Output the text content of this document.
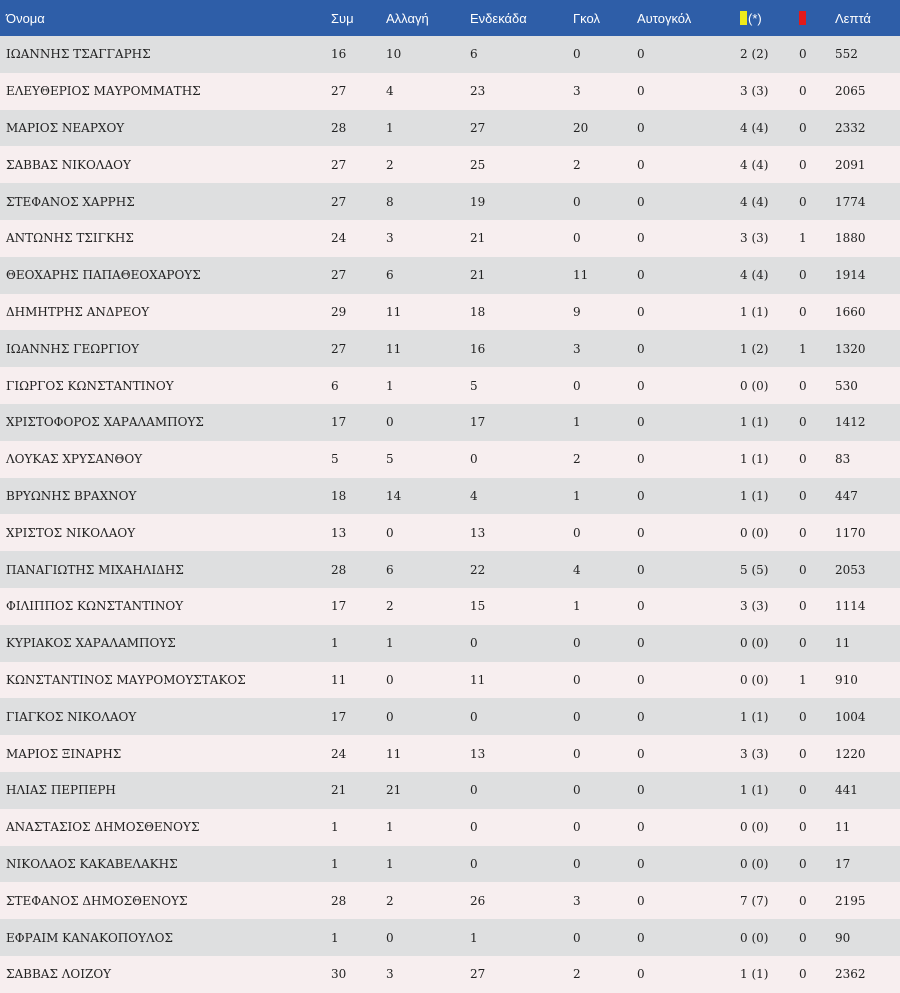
Όνομα	Συμ	Αλλαγή	Ενδεκάδα	Γκολ	Αυτογκόλ	(*)		Λεπτά
ΙΩΑΝΝΗΣ ΤΣΑΓΓΑΡΗΣ	16	10	6	0	0	2 (2)	0	552
ΕΛΕΥΘΕΡΙΟΣ ΜΑΥΡΟΜΜΑΤΗΣ	27	4	23	3	0	3 (3)	0	2065
ΜΑΡΙΟΣ ΝΕΑΡΧΟΥ	28	1	27	20	0	4 (4)	0	2332
ΣΑΒΒΑΣ ΝΙΚΟΛΑΟΥ	27	2	25	2	0	4 (4)	0	2091
ΣΤΕΦΑΝΟΣ ΧΑΡΡΗΣ	27	8	19	0	0	4 (4)	0	1774
ΑΝΤΩΝΗΣ ΤΣΙΓΚΗΣ	24	3	21	0	0	3 (3)	1	1880
ΘΕΟΧΑΡΗΣ ΠΑΠΑΘΕΟΧΑΡΟΥΣ	27	6	21	11	0	4 (4)	0	1914
ΔΗΜΗΤΡΗΣ ΑΝΔΡΕΟΥ	29	11	18	9	0	1 (1)	0	1660
ΙΩΑΝΝΗΣ ΓΕΩΡΓΙΟΥ	27	11	16	3	0	1 (2)	1	1320
ΓΙΩΡΓΟΣ ΚΩΝΣΤΑΝΤΙΝΟΥ	6	1	5	0	0	0 (0)	0	530
ΧΡΙΣΤΟΦΟΡΟΣ ΧΑΡΑΛΑΜΠΟΥΣ	17	0	17	1	0	1 (1)	0	1412
ΛΟΥΚΑΣ ΧΡΥΣΑΝΘΟΥ	5	5	0	2	0	1 (1)	0	83
ΒΡΥΩΝΗΣ ΒΡΑΧΝΟΥ	18	14	4	1	0	1 (1)	0	447
ΧΡΙΣΤΟΣ ΝΙΚΟΛΑΟΥ	13	0	13	0	0	0 (0)	0	1170
ΠΑΝΑΓΙΩΤΗΣ ΜΙΧΑΗΛΙΔΗΣ	28	6	22	4	0	5 (5)	0	2053
ΦΙΛΙΠΠΟΣ ΚΩΝΣΤΑΝΤΙΝΟΥ	17	2	15	1	0	3 (3)	0	1114
ΚΥΡΙΑΚΟΣ ΧΑΡΑΛΑΜΠΟΥΣ	1	1	0	0	0	0 (0)	0	11
ΚΩΝΣΤΑΝΤΙΝΟΣ ΜΑΥΡΟΜΟΥΣΤΑΚΟΣ	11	0	11	0	0	0 (0)	1	910
ΓΙΑΓΚΟΣ ΝΙΚΟΛΑΟΥ	17	0	0	0	0	1 (1)	0	1004
ΜΑΡΙΟΣ ΞΙΝΑΡΗΣ	24	11	13	0	0	3 (3)	0	1220
ΗΛΙΑΣ ΠΕΡΠΕΡΗ	21	21	0	0	0	1 (1)	0	441
ΑΝΑΣΤΑΣΙΟΣ ΔΗΜΟΣΘΕΝΟΥΣ	1	1	0	0	0	0 (0)	0	11
ΝΙΚΟΛΑΟΣ ΚΑΚΑΒΕΛΑΚΗΣ	1	1	0	0	0	0 (0)	0	17
ΣΤΕΦΑΝΟΣ ΔΗΜΟΣΘΕΝΟΥΣ	28	2	26	3	0	7 (7)	0	2195
ΕΦΡΑΙΜ ΚΑΝΑΚΟΠΟΥΛΟΣ	1	0	1	0	0	0 (0)	0	90
ΣΑΒΒΑΣ ΛΟΙΖΟΥ	30	3	27	2	0	1 (1)	0	2362
